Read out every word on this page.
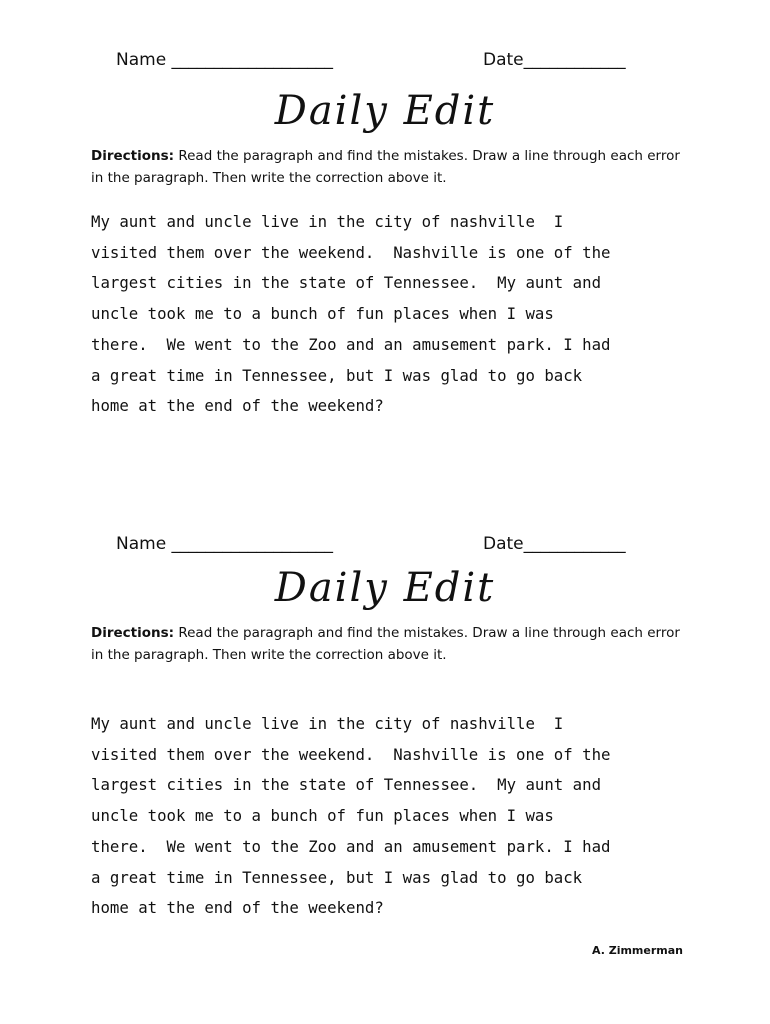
Name ___________________	Date____________
Daily Edit
Directions: Read the paragraph and find the mistakes. Draw a line through each error in the paragraph. Then write the correction above it.
My aunt and uncle live in the city of nashville  I
visited them over the weekend.  Nashville is one of the
largest cities in the state of Tennessee.  My aunt and
uncle took me to a bunch of fun places when I was
there.  We went to the Zoo and an amusement park. I had
a great time in Tennessee, but I was glad to go back
home at the end of the weekend?
Name ___________________	Date____________
Daily Edit
Directions: Read the paragraph and find the mistakes. Draw a line through each error in the paragraph. Then write the correction above it.
My aunt and uncle live in the city of nashville  I
visited them over the weekend.  Nashville is one of the
largest cities in the state of Tennessee.  My aunt and
uncle took me to a bunch of fun places when I was
there.  We went to the Zoo and an amusement park. I had
a great time in Tennessee, but I was glad to go back
home at the end of the weekend?
A. Zimmerman
